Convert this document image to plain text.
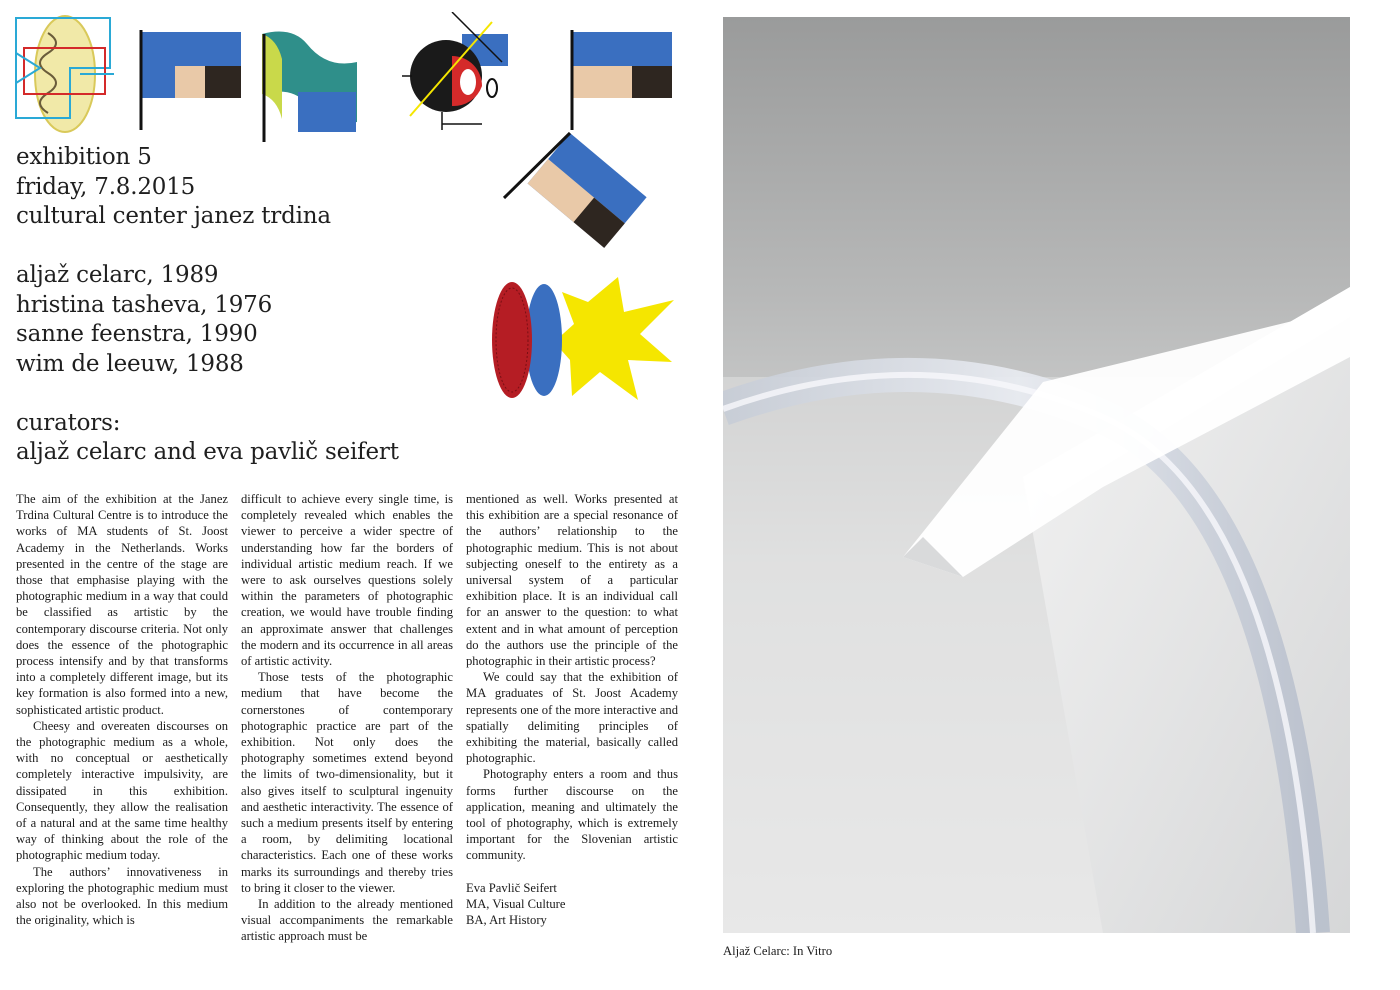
exhibition 5
friday, 7.8.2015
cultural center janez trdina
aljaž celarc, 1989
hristina tasheva, 1976
sanne feenstra, 1990
wim de leeuw, 1988
curators:
aljaž celarc and eva pavlič seifert

The aim of the exhibition at the Janez Trdina Cultural Centre is to introduce the works of MA students of St. Joost Academy in the Netherlands. Works presented in the centre of the stage are those that emphasise playing with the photographic medium in a way that could be classified as artistic by the contemporary discourse criteria. Not only does the essence of the photographic process intensify and by that transforms into a completely different image, but its key formation is also formed into a new, sophisticated artistic product.

Cheesy and overeaten discourses on the photographic medium as a whole, with no conceptual or aesthetically completely interactive impulsivity, are dissipated in this exhibition. Consequently, they allow the realisation of a natural and at the same time healthy way of thinking about the role of the photographic medium today.

The authors’ innovativeness in exploring the photographic medium must also not be overlooked. In this medium the originality, which is

difficult to achieve every single time, is completely revealed which enables the viewer to perceive a wider spectre of understanding how far the borders of individual artistic medium reach. If we were to ask ourselves questions solely within the parameters of photographic creation, we would have trouble finding an approximate answer that challenges the modern and its occurrence in all areas of artistic activity.

Those tests of the photographic medium that have become the cornerstones of contemporary photographic practice are part of the exhibition. Not only does the photography sometimes extend beyond the limits of two-dimensionality, but it also gives itself to sculptural ingenuity and aesthetic interactivity. The essence of such a medium presents itself by entering a room, by delimiting locational characteristics. Each one of these works marks its surroundings and thereby tries to bring it closer to the viewer.

In addition to the already mentioned visual accompaniments the remarkable artistic approach must be

mentioned as well. Works presented at this exhibition are a special resonance of the authors’ relationship to the photographic medium. This is not about subjecting oneself to the entirety as a universal system of a particular exhibition place. It is an individual call for an answer to the question: to what extent and in what amount of perception do the authors use the principle of the photographic in their artistic process?

We could say that the exhibition of MA graduates of St. Joost Academy represents one of the more interactive and spatially delimiting principles of exhibiting the material, basically called photographic.

Photography enters a room and thus forms further discourse on the application, meaning and ultimately the tool of photography, which is extremely important for the Slovenian artistic community.

Eva Pavlič Seifert
MA, Visual Culture
BA, Art History
Aljaž Celarc: In Vitro
